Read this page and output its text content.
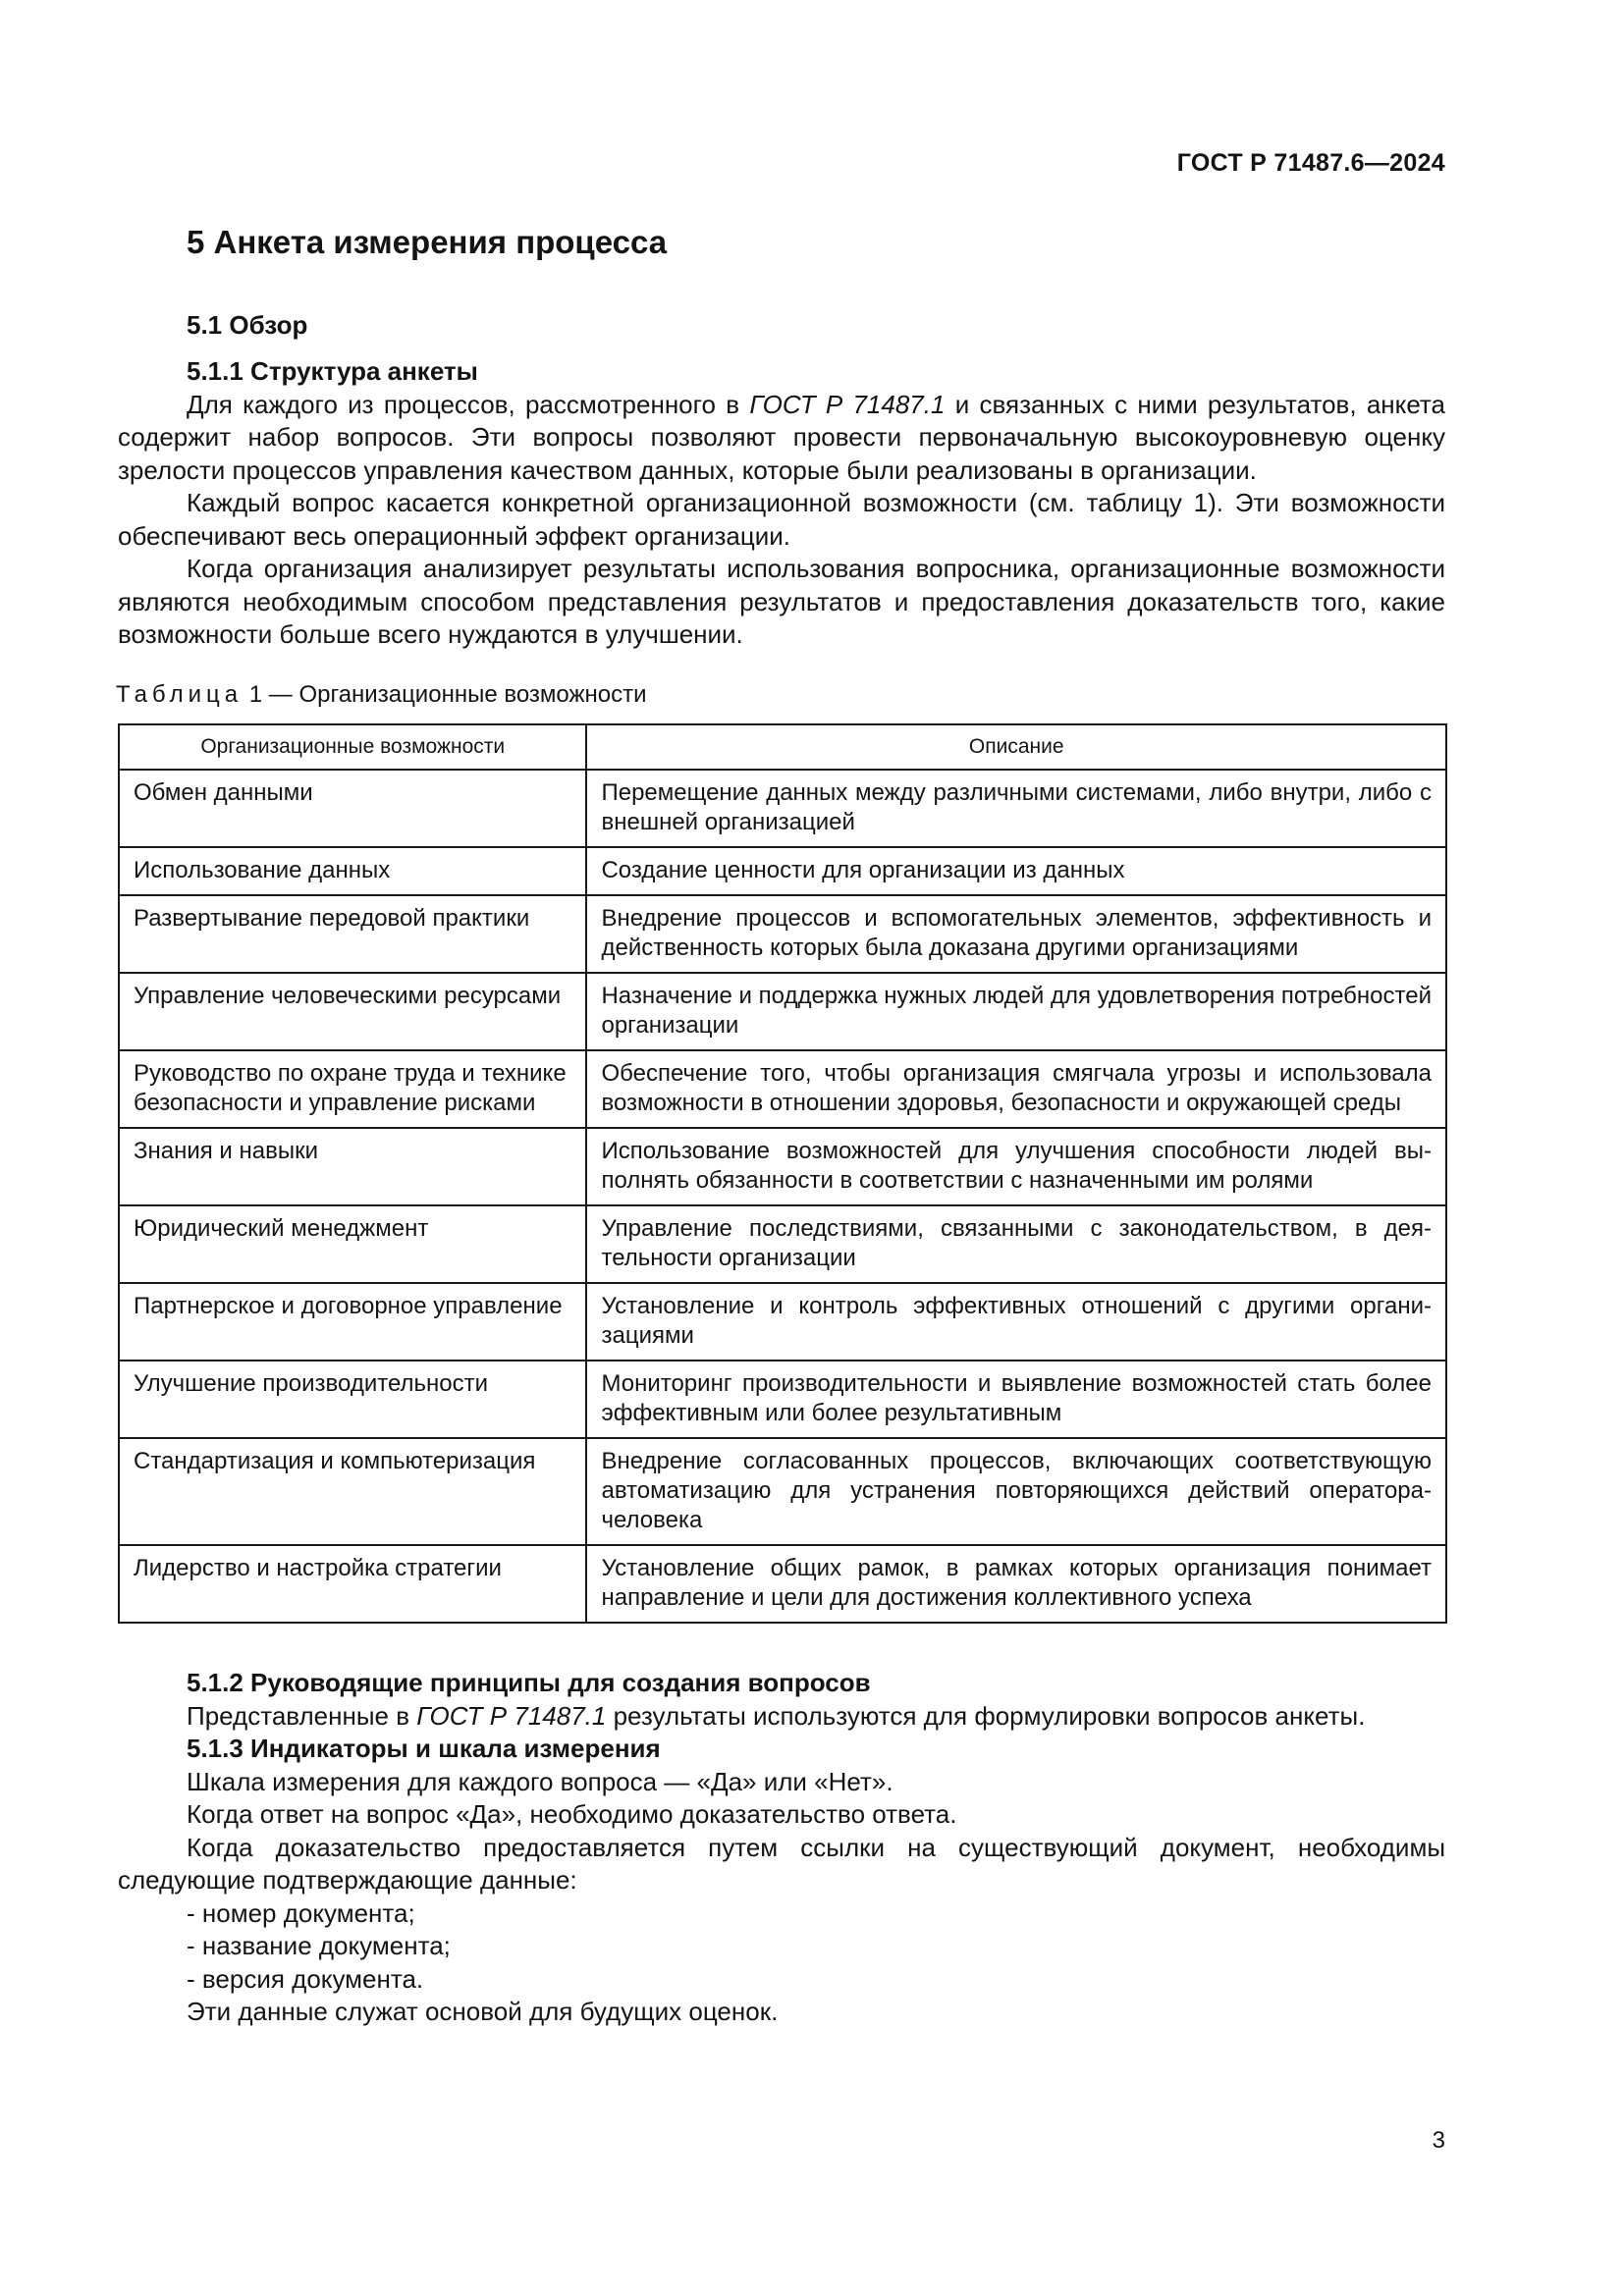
ГОСТ Р 71487.6—2024
5 Анкета измерения процесса
5.1 Обзор

5.1.1 Структура анкеты

Для каждого из процессов, рассмотренного в ГОСТ Р 71487.1 и связанных с ними результатов, анкета содержит набор вопросов. Эти вопросы позволяют провести первоначальную высокоуровневую оценку зрелости процессов управления качеством данных, которые были реализованы в организации.

Каждый вопрос касается конкретной организационной возможности (см. таблицу 1). Эти возможности обеспечивают весь операционный эффект организации.

Когда организация анализирует результаты использования вопросника, организационные возможности являются необходимым способом представления результатов и предоставления доказательств того, какие возможности больше всего нуждаются в улучшении.

Таблица 1 — Организационные возможности
Организационные возможности	Описание
Обмен данными	Перемещение данных между различными системами, либо внутри, либо с внешней организацией
Использование данных	Создание ценности для организации из данных
Развертывание передовой практики	Внедрение процессов и вспомогательных элементов, эффективность и действенность которых была доказана другими организациями
Управление человеческими ресурсами	Назначение и поддержка нужных людей для удовлетворения потребностей организации
Руководство по охране труда и технике безопасности и управление рисками	Обеспечение того, чтобы организация смягчала угрозы и использовала возможности в отношении здоровья, безопасности и окружающей среды
Знания и навыки	Использование возможностей для улучшения способности людей выполнять обязанности в соответствии с назначенными им ролями
Юридический менеджмент	Управление последствиями, связанными с законодательством, в деятельности организации
Партнерское и договорное управление	Установление и контроль эффективных отношений с другими организациями
Улучшение производительности	Мониторинг производительности и выявление возможностей стать более эффективным или более результативным
Стандартизация и компьютеризация	Внедрение согласованных процессов, включающих соответствующую автоматизацию для устранения повторяющихся действий оператора-человека
Лидерство и настройка стратегии	Установление общих рамок, в рамках которых организация понимает направление и цели для достижения коллективного успеха

5.1.2 Руководящие принципы для создания вопросов

Представленные в ГОСТ Р 71487.1 результаты используются для формулировки вопросов анкеты.

5.1.3 Индикаторы и шкала измерения

Шкала измерения для каждого вопроса — «Да» или «Нет».

Когда ответ на вопрос «Да», необходимо доказательство ответа.

Когда доказательство предоставляется путем ссылки на существующий документ, необходимы следующие подтверждающие данные:

- номер документа;

- название документа;

- версия документа.

Эти данные служат основой для будущих оценок.

3
